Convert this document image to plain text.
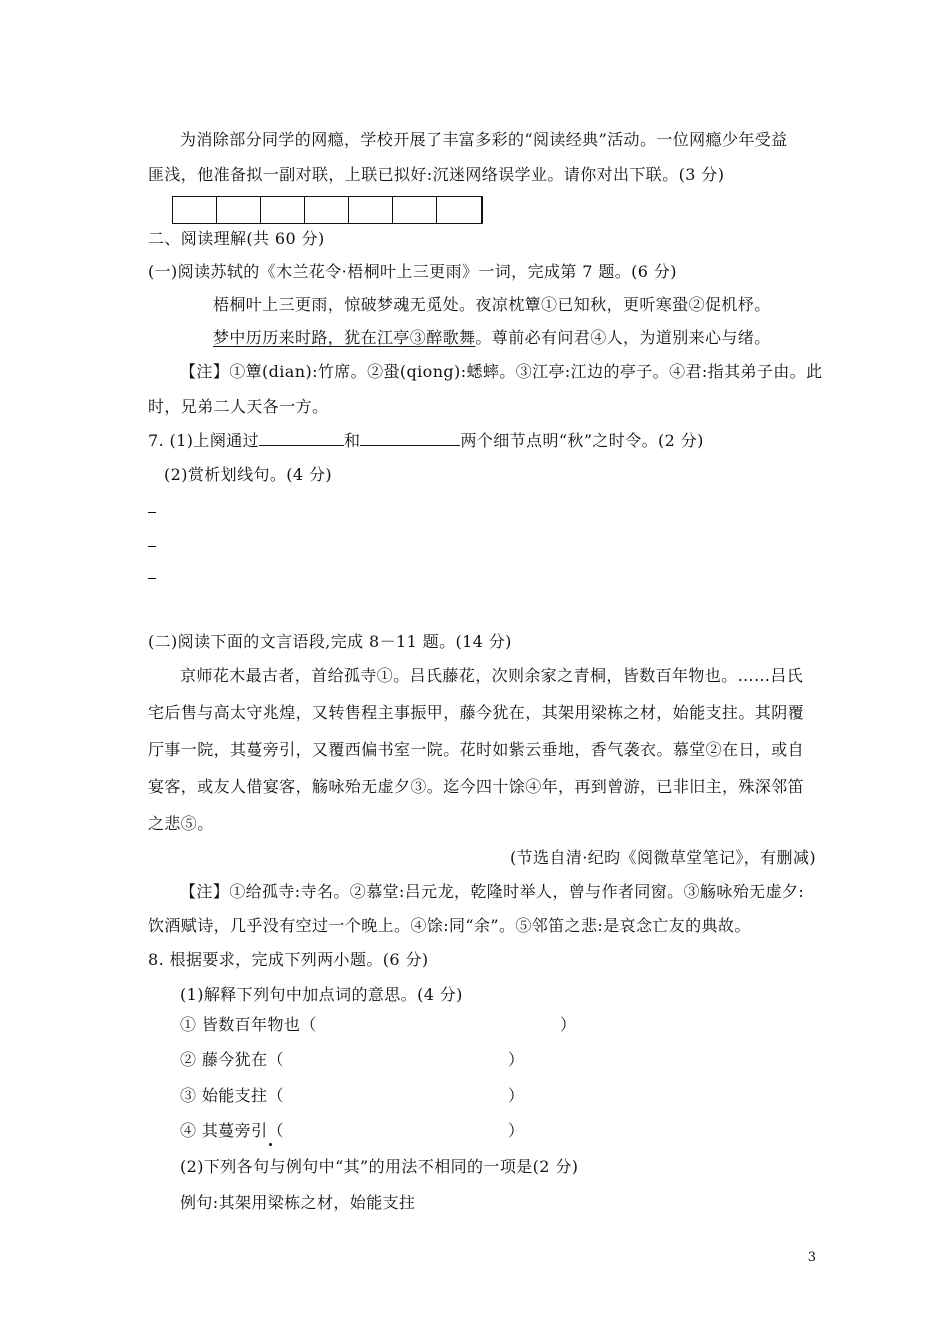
为消除部分同学的网瘾，学校开展了丰富多彩的“阅读经典”活动。一位网瘾少年受益
匪浅，他准备拟一副对联，上联已拟好:沉迷网络误学业。请你对出下联。(3 分)
二、阅读理解(共 60 分)
(一)阅读苏轼的《木兰花令·梧桐叶上三更雨》一词，完成第 7 题。(6 分)
梧桐叶上三更雨，惊破梦魂无觅处。夜凉枕簟①已知秋，更听寒蛩②促机杼。
梦中历历来时路，犹在江亭③醉歌舞。尊前必有问君④人，为道别来心与绪。
【注】①簟(dian):竹席。②蛩(qiong):蟋蟀。③江亭:江边的亭子。④君:指其弟子由。此
时，兄弟二人天各一方。
7. (1)上阕通过	和	两个细节点明“秋”之时令。(2 分)
(2)赏析划线句。(4 分)
(二)阅读下面的文言语段,完成 8－11 题。(14 分)
京师花木最古者，首给孤寺①。吕氏藤花，次则余家之青桐，皆数百年物也。……吕氏
宅后售与高太守兆煌，又转售程主事振甲，藤今犹在，其架用梁栋之材，始能支拄。其阴覆
厅事一院，其蔓旁引，又覆西偏书室一院。花时如紫云垂地，香气袭衣。慕堂②在日，或自
宴客，或友人借宴客，觞咏殆无虚夕③。迄今四十馀④年，再到曾游，已非旧主，殊深邻笛
之悲⑤。
(节选自清·纪昀《阅微草堂笔记》，有删减)
【注】①给孤寺:寺名。②慕堂:吕元龙，乾隆时举人，曾与作者同窗。③觞咏殆无虚夕:
饮酒赋诗，几乎没有空过一个晚上。④馀:同“余”。⑤邻笛之悲:是哀念亡友的典故。
8. 根据要求，完成下列两小题。(6 分)
(1)解释下列句中加点词的意思。(4 分)
① 皆数百年物也（	）
② 藤今犹在（	）
③ 始能支拄（	）
④ 其蔓旁引（	）
(2)下列各句与例句中“其”的用法不相同的一项是(2 分)
例句:其架用梁栋之材，始能支拄
3
